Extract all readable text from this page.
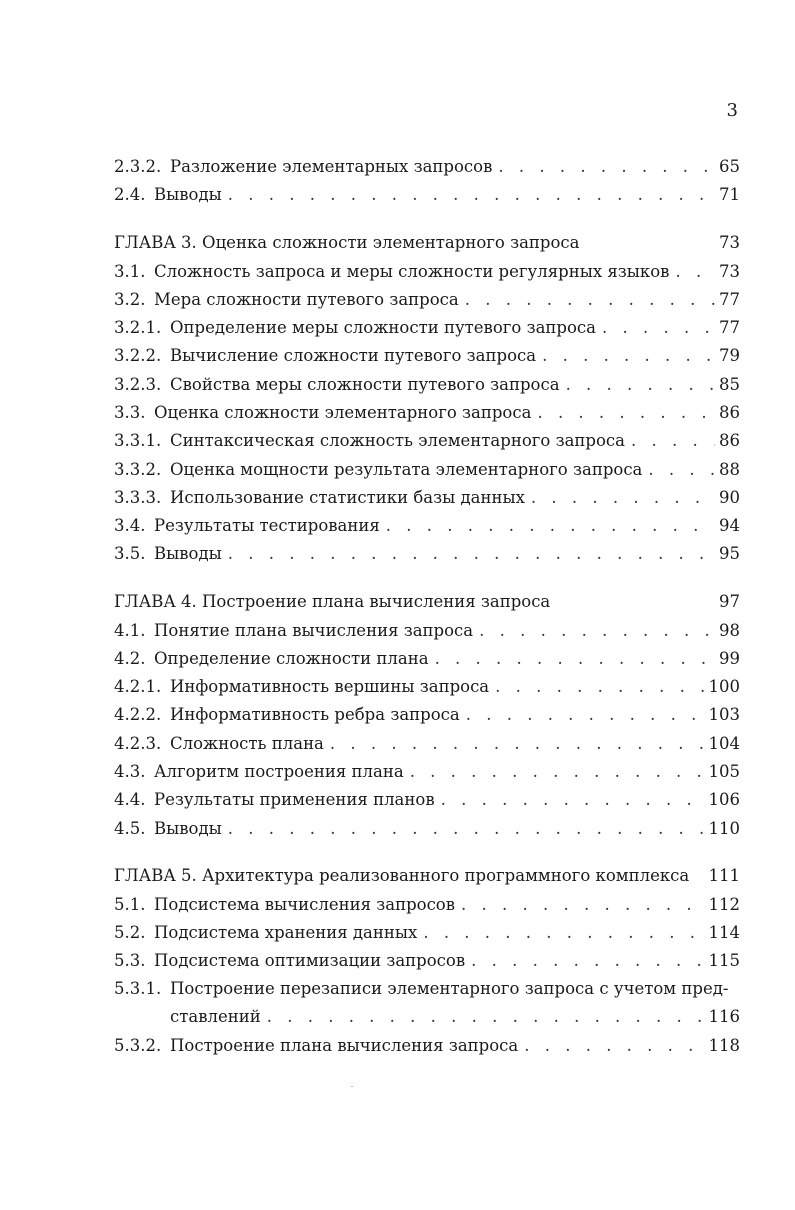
3
2.3.2. Разложение элементарных запросов . . .	65
2.4. Выводы . . .	71
ГЛАВА 3. Оценка сложности элементарного запроса	73
3.1. Сложность запроса и меры сложности регулярных языков . . .	73
3.2. Мера сложности путевого запроса . . .	77
3.2.1. Определение меры сложности путевого запроса . . .	77
3.2.2. Вычисление сложности путевого запроса . . .	79
3.2.3. Свойства меры сложности путевого запроса . . .	85
3.3. Оценка сложности элементарного запроса . . .	86
3.3.1. Синтаксическая сложность элементарного запроса . . .	86
3.3.2. Оценка мощности результата элементарного запроса . . .	88
3.3.3. Использование статистики базы данных . . .	90
3.4. Результаты тестирования . . .	94
3.5. Выводы . . .	95
ГЛАВА 4. Построение плана вычисления запроса	97
4.1. Понятие плана вычисления запроса . . .	98
4.2. Определение сложности плана . . .	99
4.2.1. Информативность вершины запроса . . .	100
4.2.2. Информативность ребра запроса . . .	103
4.2.3. Сложность плана . . .	104
4.3. Алгоритм построения плана . . .	105
4.4. Результаты применения планов . . .	106
4.5. Выводы . . .	110
ГЛАВА 5. Архитектура реализованного программного комплекса 111
5.1. Подсистема вычисления запросов . . .	112
5.2. Подсистема хранения данных . . .	114
5.3. Подсистема оптимизации запросов . . .	115
5.3.1. Построение перезаписи элементарного запроса с учетом пред-
ставлений . . .	116
5.3.2. Построение плана вычисления запроса . . .	118
